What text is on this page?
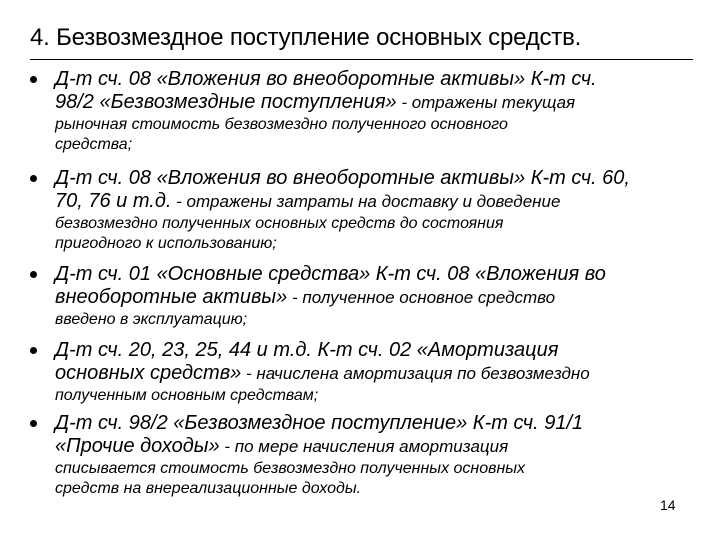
4. Безвозмездное поступление основных средств.
Д-т сч. 08 «Вложения во внеоборотные активы» К-т сч.
98/2 «Безвозмездные поступления» - отражены текущая
рыночная стоимость безвозмездно полученного основного
средства;
Д-т сч. 08 «Вложения во внеоборотные активы» К-т сч. 60,
70, 76 и т.д. - отражены затраты на доставку и доведение
безвозмездно полученных основных средств до состояния
пригодного к использованию;
Д-т сч. 01 «Основные средства» К-т сч. 08 «Вложения во
внеоборотные активы» - полученное основное средство
введено в эксплуатацию;
Д-т сч. 20, 23, 25, 44 и т.д. К-т сч. 02 «Амортизация
основных средств» - начислена амортизация по безвозмездно
полученным основным средствам;
Д-т сч. 98/2 «Безвозмездное поступление» К-т сч. 91/1
«Прочие доходы» - по мере начисления амортизация
списывается стоимость безвозмездно полученных основных
средств на внереализационные доходы.
14
